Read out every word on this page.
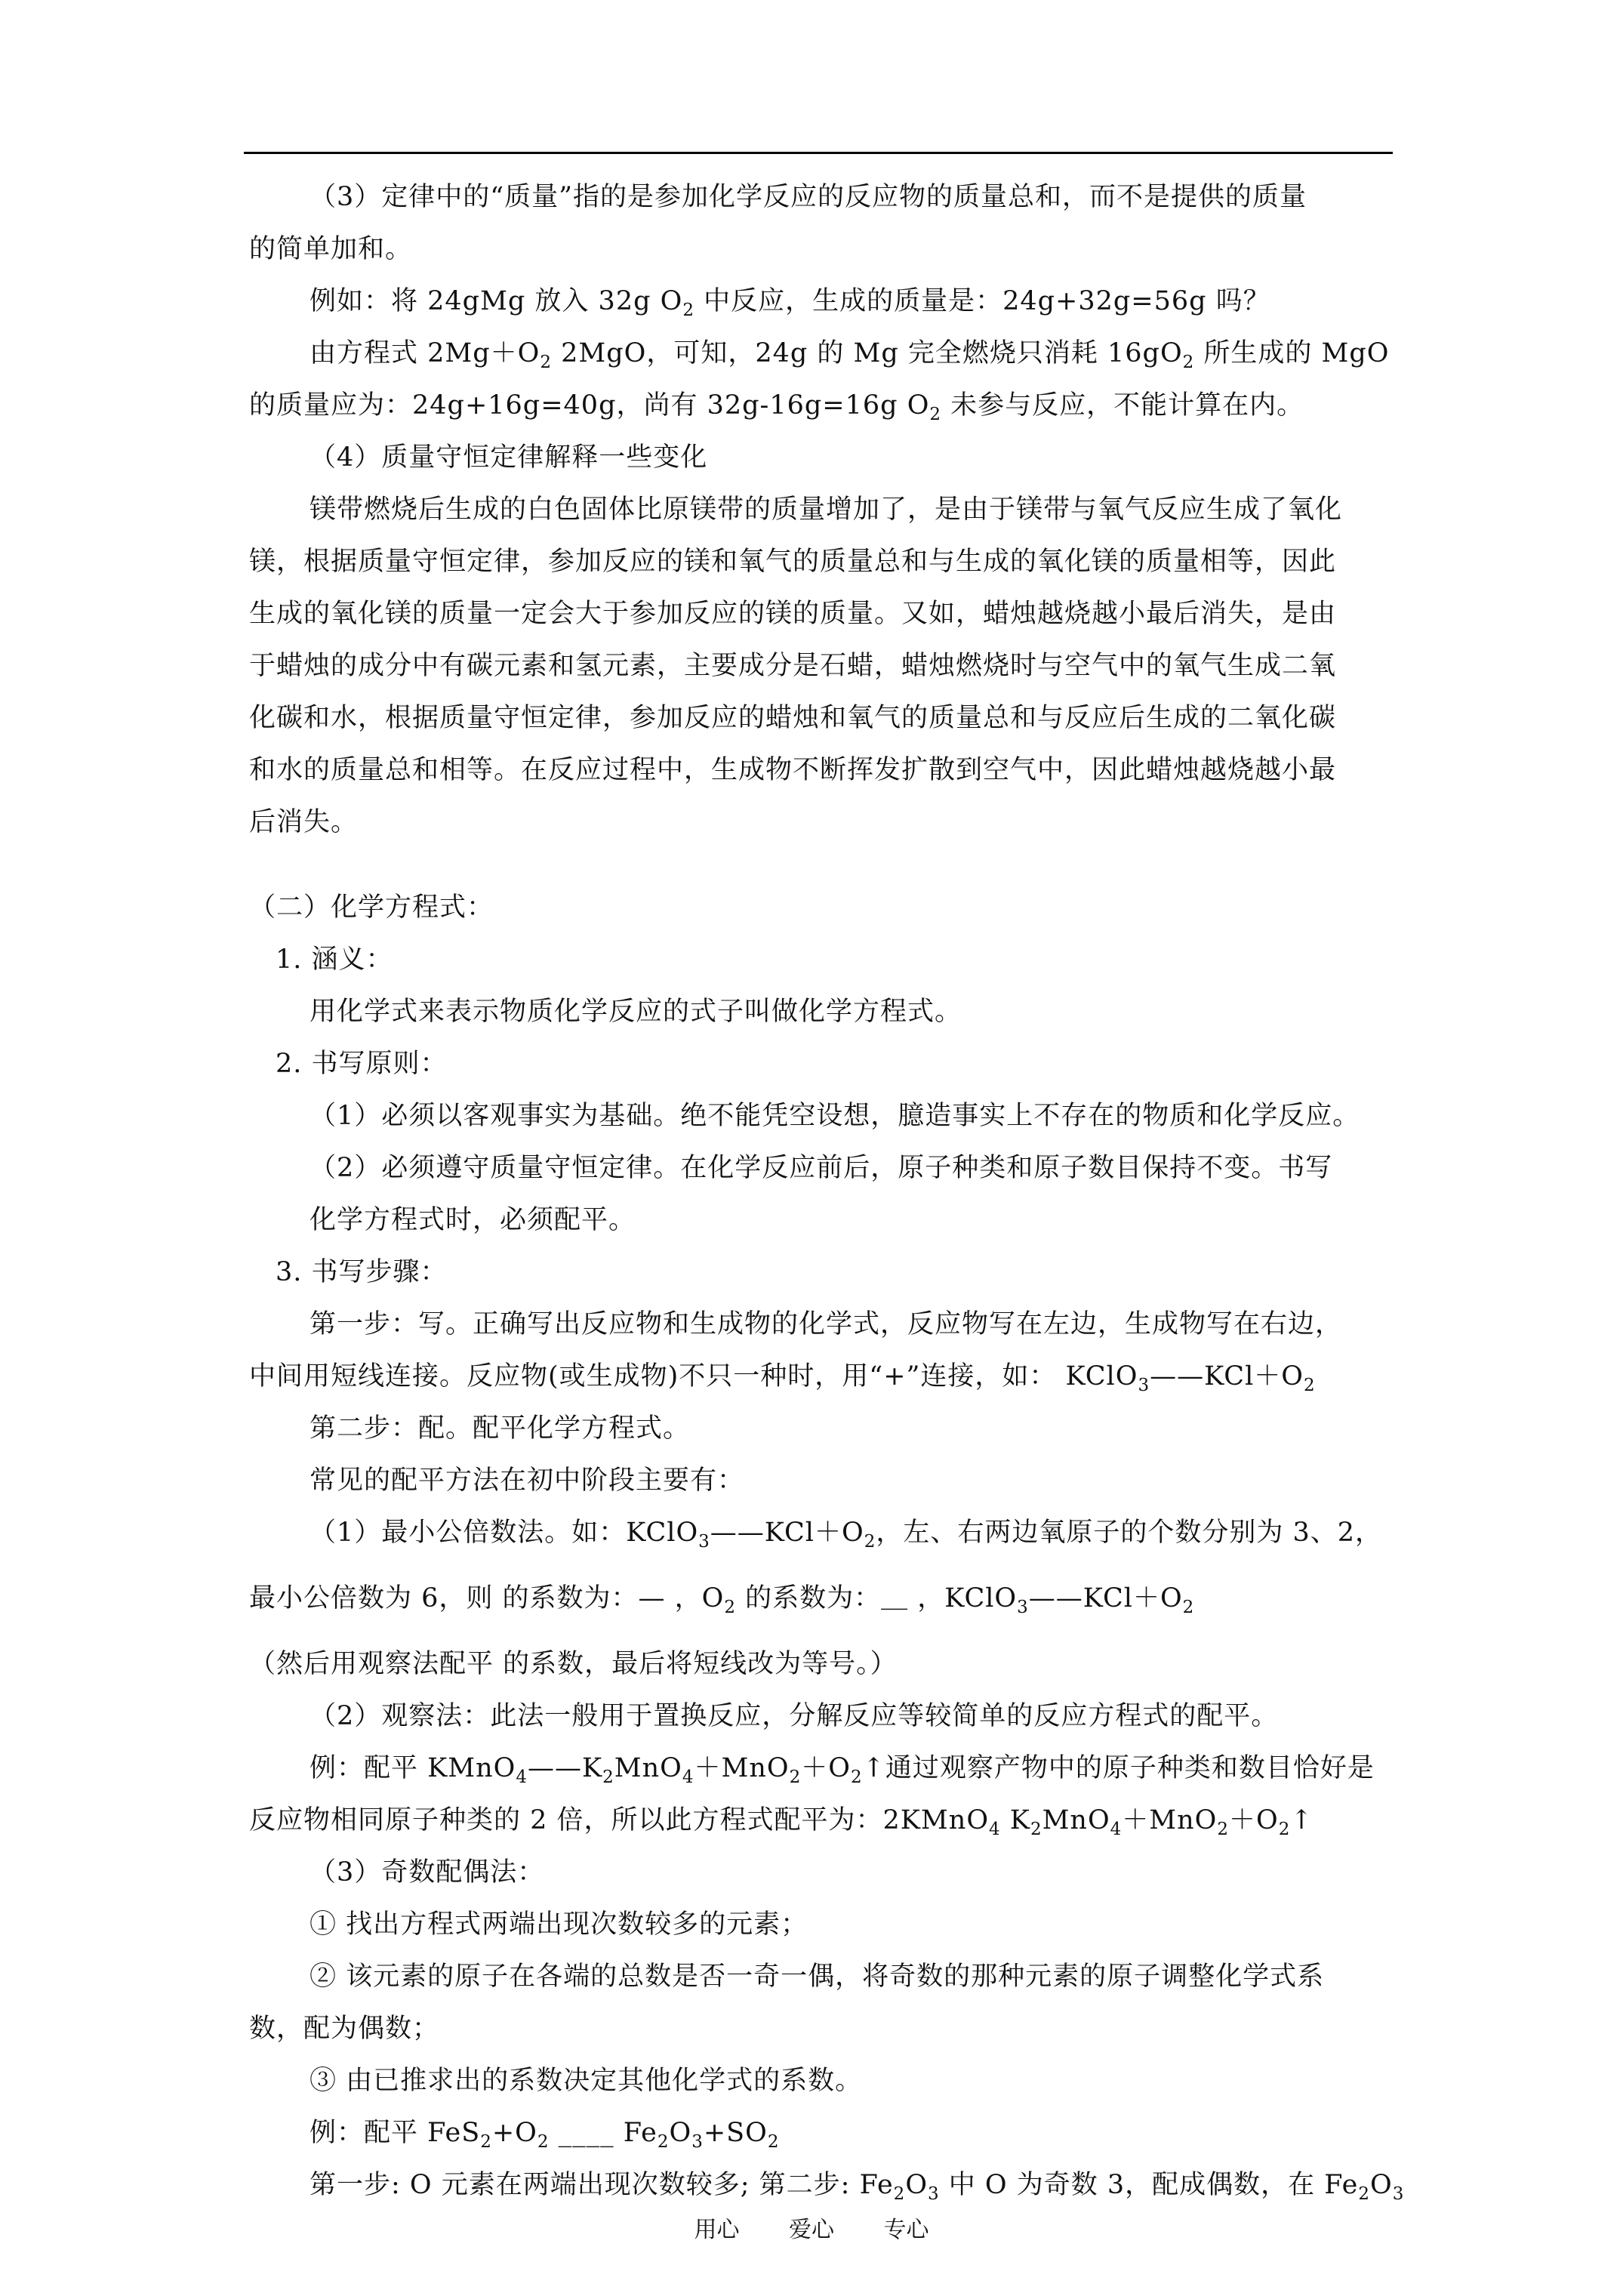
（3）定律中的“质量”指的是参加化学反应的反应物的质量总和，而不是提供的质量
的简单加和。
例如：将 24gMg 放入 32g $O_2$ 中反应，生成的质量是：24g+32g=56g 吗？
由方程式 $2Mg+O_2$ 2MgO，可知，24g 的 Mg 完全燃烧只消耗 $16gO_2$ 所生成的 MgO
的质量应为：24g+16g=40g，尚有 32g-16g=16g $O_2$ 未参与反应，不能计算在内。
（4）质量守恒定律解释一些变化
镁带燃烧后生成的白色固体比原镁带的质量增加了，是由于镁带与氧气反应生成了氧化
镁，根据质量守恒定律，参加反应的镁和氧气的质量总和与生成的氧化镁的质量相等，因此
生成的氧化镁的质量一定会大于参加反应的镁的质量。又如，蜡烛越烧越小最后消失，是由
于蜡烛的成分中有碳元素和氢元素，主要成分是石蜡，蜡烛燃烧时与空气中的氧气生成二氧
化碳和水，根据质量守恒定律，参加反应的蜡烛和氧气的质量总和与反应后生成的二氧化碳
和水的质量总和相等。在反应过程中，生成物不断挥发扩散到空气中，因此蜡烛越烧越小最
后消失。
（二）化学方程式：
1. 涵义：
用化学式来表示物质化学反应的式子叫做化学方程式。
2. 书写原则：
（1）必须以客观事实为基础。绝不能凭空设想，臆造事实上不存在的物质和化学反应。
（2）必须遵守质量守恒定律。在化学反应前后，原子种类和原子数目保持不变。书写
化学方程式时，必须配平。
3. 书写步骤：
第一步：写。正确写出反应物和生成物的化学式，反应物写在左边，生成物写在右边，
中间用短线连接。反应物(或生成物)不只一种时，用“+”连接，如： $KClO_3——KCl+O_2$
第二步：配。配平化学方程式。
常见的配平方法在初中阶段主要有：
（1）最小公倍数法。如：$KClO_3——KCl+O_2$，左、右两边氧原子的个数分别为 3、2，
最小公倍数为 6，则 的系数为：— ，$O_2$ 的系数为：＿ ，$KClO_3——KCl+O_2$
（然后用观察法配平 的系数，最后将短线改为等号。）
（2）观察法：此法一般用于置换反应，分解反应等较简单的反应方程式的配平。
例：配平 $KMnO_4——K_2MnO_4+MnO_2+O_2↑$通过观察产物中的原子种类和数目恰好是
反应物相同原子种类的 2 倍，所以此方程式配平为：2KMnO$_4$ $K_2MnO_4+MnO_2+O_2↑$
（3）奇数配偶法：
① 找出方程式两端出现次数较多的元素；
② 该元素的原子在各端的总数是否一奇一偶，将奇数的那种元素的原子调整化学式系
数，配为偶数；
③ 由已推求出的系数决定其他化学式的系数。
例：配平 $FeS_2+O_2$ ____ $Fe_2O_3+SO_2$
第一步: O 元素在两端出现次数较多; 第二步: $Fe_2O_3$ 中 O 为奇数 3，配成偶数，在 $Fe_2O_3$
用心 爱心 专心
